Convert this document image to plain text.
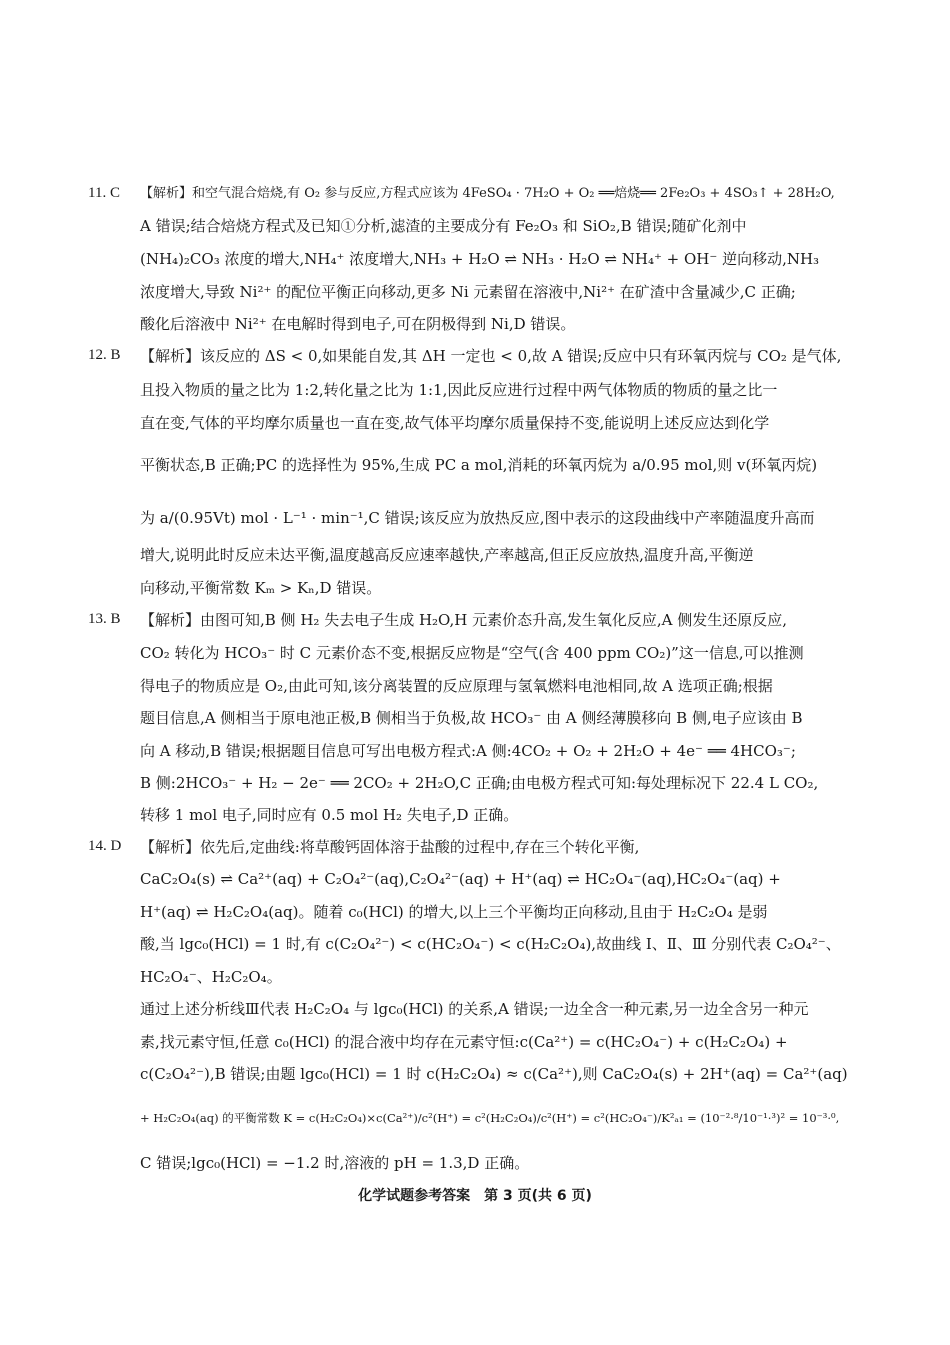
11. C 【解析】和空气混合焙烧,有 O₂ 参与反应,方程式应该为 4FeSO₄ · 7H₂O + O₂ ══焙烧══ 2Fe₂O₃ + 4SO₃↑ + 28H₂O,
A 错误;结合焙烧方程式及已知①分析,滤渣的主要成分有 Fe₂O₃ 和 SiO₂,B 错误;随矿化剂中
(NH₄)₂CO₃ 浓度的增大,NH₄⁺ 浓度增大,NH₃ + H₂O ⇌ NH₃ · H₂O ⇌ NH₄⁺ + OH⁻ 逆向移动,NH₃
浓度增大,导致 Ni²⁺ 的配位平衡正向移动,更多 Ni 元素留在溶液中,Ni²⁺ 在矿渣中含量减少,C 正确;
酸化后溶液中 Ni²⁺ 在电解时得到电子,可在阴极得到 Ni,D 错误。
12. B 【解析】该反应的 ΔS < 0,如果能自发,其 ΔH 一定也 < 0,故 A 错误;反应中只有环氧丙烷与 CO₂ 是气体,
且投入物质的量之比为 1:2,转化量之比为 1:1,因此反应进行过程中两气体物质的物质的量之比一
直在变,气体的平均摩尔质量也一直在变,故气体平均摩尔质量保持不变,能说明上述反应达到化学
平衡状态,B 正确;PC 的选择性为 95%,生成 PC a mol,消耗的环氧丙烷为 a/0.95 mol,则 v(环氧丙烷)
为 a/(0.95Vt) mol · L⁻¹ · min⁻¹,C 错误;该反应为放热反应,图中表示的这段曲线中产率随温度升高而
增大,说明此时反应未达平衡,温度越高反应速率越快,产率越高,但正反应放热,温度升高,平衡逆
向移动,平衡常数 Kₘ > Kₙ,D 错误。
13. B 【解析】由图可知,B 侧 H₂ 失去电子生成 H₂O,H 元素价态升高,发生氧化反应,A 侧发生还原反应,
CO₂ 转化为 HCO₃⁻ 时 C 元素价态不变,根据反应物是“空气(含 400 ppm CO₂)”这一信息,可以推测
得电子的物质应是 O₂,由此可知,该分离装置的反应原理与氢氧燃料电池相同,故 A 选项正确;根据
题目信息,A 侧相当于原电池正极,B 侧相当于负极,故 HCO₃⁻ 由 A 侧经薄膜移向 B 侧,电子应该由 B
向 A 移动,B 错误;根据题目信息可写出电极方程式:A 侧:4CO₂ + O₂ + 2H₂O + 4e⁻ ══ 4HCO₃⁻;
B 侧:2HCO₃⁻ + H₂ − 2e⁻ ══ 2CO₂ + 2H₂O,C 正确;由电极方程式可知:每处理标况下 22.4 L CO₂,
转移 1 mol 电子,同时应有 0.5 mol H₂ 失电子,D 正确。
14. D 【解析】依先后,定曲线:将草酸钙固体溶于盐酸的过程中,存在三个转化平衡,
CaC₂O₄(s) ⇌ Ca²⁺(aq) + C₂O₄²⁻(aq),C₂O₄²⁻(aq) + H⁺(aq) ⇌ HC₂O₄⁻(aq),HC₂O₄⁻(aq) +
H⁺(aq) ⇌ H₂C₂O₄(aq)。随着 c₀(HCl) 的增大,以上三个平衡均正向移动,且由于 H₂C₂O₄ 是弱
酸,当 lgc₀(HCl) = 1 时,有 c(C₂O₄²⁻) < c(HC₂O₄⁻) < c(H₂C₂O₄),故曲线 Ⅰ、Ⅱ、Ⅲ 分别代表 C₂O₄²⁻、
HC₂O₄⁻、H₂C₂O₄。
通过上述分析线Ⅲ代表 H₂C₂O₄ 与 lgc₀(HCl) 的关系,A 错误;一边全含一种元素,另一边全含另一种元
素,找元素守恒,任意 c₀(HCl) 的混合液中均存在元素守恒:c(Ca²⁺) = c(HC₂O₄⁻) + c(H₂C₂O₄) +
c(C₂O₄²⁻),B 错误;由题 lgc₀(HCl) = 1 时 c(H₂C₂O₄) ≈ c(Ca²⁺),则 CaC₂O₄(s) + 2H⁺(aq) = Ca²⁺(aq)
+ H₂C₂O₄(aq) 的平衡常数 K = c(H₂C₂O₄)×c(Ca²⁺)/c²(H⁺) = c²(H₂C₂O₄)/c²(H⁺) = c²(HC₂O₄⁻)/K²ₐ₁ = (10⁻²·⁸/10⁻¹·³)² = 10⁻³·⁰,
C 错误;lgc₀(HCl) = −1.2 时,溶液的 pH = 1.3,D 正确。
化学试题参考答案　第 3 页(共 6 页)
